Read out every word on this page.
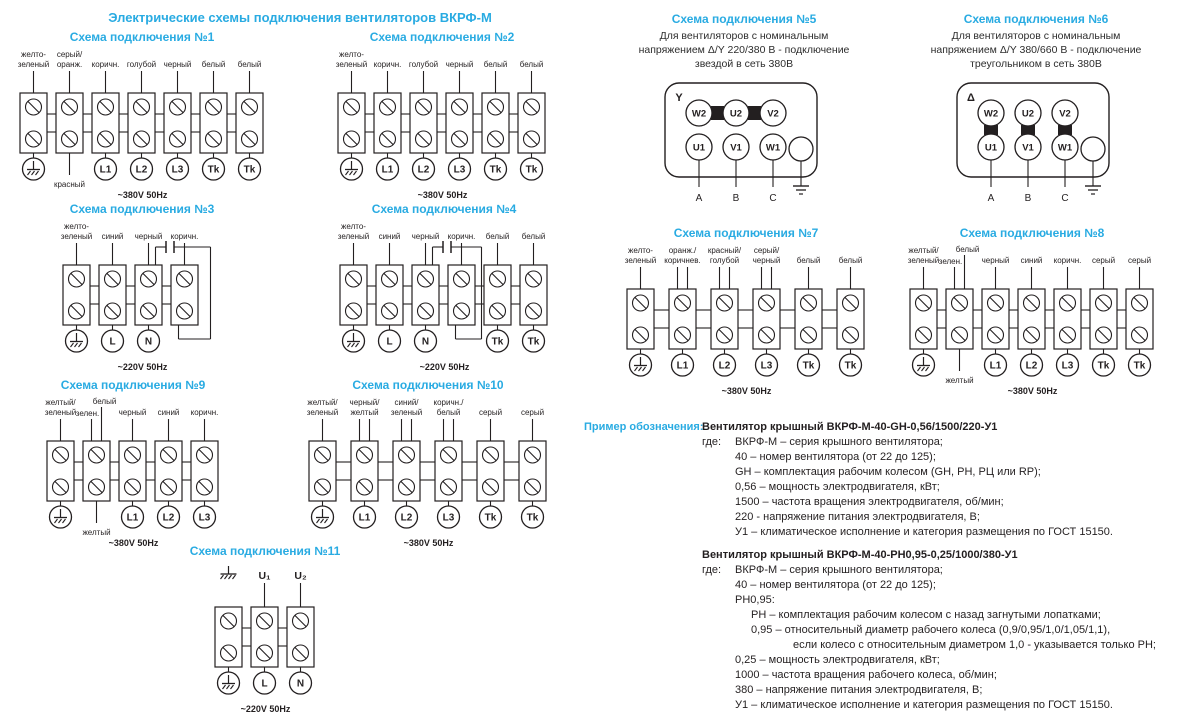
Электрические схемы подключения вентиляторов ВКРФ-М
Схема подключения №1
желто-
зеленый
серый/
оранж.
красный
коричн.
L1
голубой
L2
черный
L3
белый
Tk
белый
Tk
~380V 50Hz
Схема подключения №2
желто-
зеленый коричн.
L1
голубой
L2
черный
L3
белый
Tk
белый
Tk
~380V 50Hz
Схема подключения №5
Для вентиляторов с номинальным
напряжением Δ/Y 220/380 В - подключение
звездой в сеть 380В
Y
W2	U2	V2
U1	V1	W1
A	B	C
Схема подключения №6
Для вентиляторов с номинальным
напряжением Δ/Y 380/660 В - подключение
треугольником в сеть 380В
Δ
W2	U2	V2
U1	V1	W1
A	B	C
Схема подключения №3
желто-
зеленый синий
L
черный
N
коричн.
~220V 50Hz
Схема подключения №4
желто-
зеленый синий
L
черный
N
коричн. белый
Tk
белый
Tk
~220V 50Hz
Схема подключения №7
желто-
зеленый
оранж./
коричнев.
L1
красный/
голубой
L2
серый/
черный
L3
белый
Tk
белый
Tk
~380V 50Hz
Схема подключения №8
желтый/
зеленый
белый
зелен.
желтый
черный
L1
синий
L2
коричн.
L3
серый
Tk
серый
Tk
~380V 50Hz
Схема подключения №9
желтый/
зеленый
белый
зелен.
желтый
черный
L1
синий
L2
коричн.
L3
~380V 50Hz
Схема подключения №10
желтый/
зеленый
черный/
желтый
L1
синий/
зеленый
L2
коричн./
белый
L3
серый
Tk
серый
Tk
~380V 50Hz
Схема подключения №11
U₁
L
U₂
N
~220V 50Hz
Пример обозначения:
Вентилятор крышный ВКРФ-М-40-GH-0,56/1500/220-У1
где: ВКРФ-М – серия крышного вентилятора;
40 – номер вентилятора (от 22 до 125);
GH – комплектация рабочим колесом (GH, РН, РЦ или RP);
0,56 – мощность электродвигателя, кВт;
1500 – частота вращения электродвигателя, об/мин;
220 - напряжение питания электродвигателя, В;
У1 – климатическое исполнение и категория размещения по ГОСТ 15150.
Вентилятор крышный ВКРФ-М-40-РН0,95-0,25/1000/380-У1
где: ВКРФ-М – серия крышного вентилятора;
40 – номер вентилятора (от 22 до 125);
РН0,95:
РН – комплектация рабочим колесом с назад загнутыми лопатками;
0,95 – относительный диаметр рабочего колеса (0,9/0,95/1,0/1,05/1,1),
если колесо с относительным диаметром 1,0 - указывается только РН;
0,25 – мощность электродвигателя, кВт;
1000 – частота вращения рабочего колеса, об/мин;
380 – напряжение питания электродвигателя, В;
У1 – климатическое исполнение и категория размещения по ГОСТ 15150.
